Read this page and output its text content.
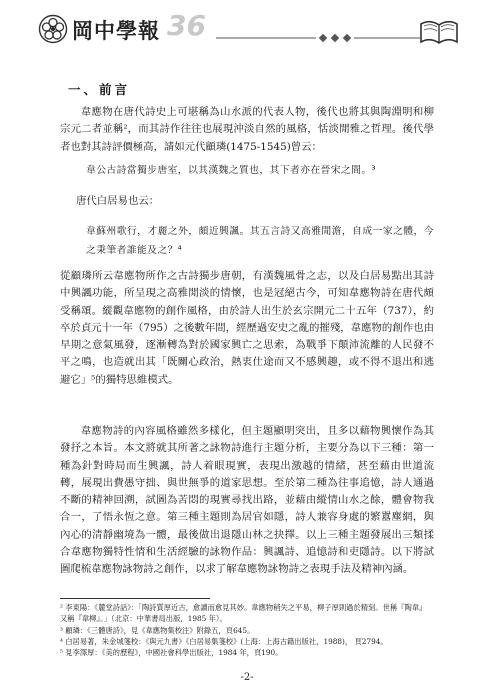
岡中學報 36
一、前言
韋應物在唐代詩史上可堪稱為山水派的代表人物，後代也將其與陶淵明和柳宗元二者並稱²，而其詩作往往也展現沖淡自然的風格，恬淡閒雅之哲理。後代學者也對其詩評價極高，請如元代顧璘(1475-1545)曾云：
韋公古詩當獨步唐室，以其漢魏之質也，其下者亦在晉宋之間。³
唐代白居易也云：
韋蘇州歌行，才麗之外，頗近興諷。其五言詩又高雅閒澹，自成一家之體，今之秉筆者誰能及之？⁴
從顧璘所云韋應物所作之古詩獨步唐朝，有漢魏風骨之志，以及白居易點出其詩中興諷功能，所呈現之高雅閒淡的情懷，也是冠絕古今，可知韋應物詩在唐代頗受稱頌。縱觀韋應物的創作風格，由於詩人出生於玄宗開元二十五年（737），約卒於貞元十一年（795）之後數年間，經歷過安史之亂的摧殘，韋應物的創作也由早期之意氣風發，逐漸轉為對於國家興亡之思索，為戰爭下顛沛流離的人民發不平之鳴，也造就出其「既關心政治，熱衷仕途而又不感興趣，或不得不退出和逃避它」⁵的獨特思維模式。
韋應物詩的內容風格雖然多樣化，但主題顯明突出，且多以藉物興懷作為其發抒之本旨。本文將就其所著之詠物詩進行主題分析，主要分為以下三種：第一種為針對時局而生興諷，詩人着眼現實，表現出激越的情緒，甚至藉由世道流轉，展現出費愚守拙、與世無爭的道家思想。至於第二種為往事追憶，詩人通過不斷的精神回溯，試圖為苦悶的現實尋找出路，並藉由縱情山水之餘，體會物我合一，了悟永恆之意。第三種主題則為居官如隱，詩人兼容身處的繁囂塵網，與內心的清靜幽境為一體，最後做出退隱山林之抉擇。以上三種主題發展出三類揉合韋應物獨特性情和生活經驗的詠物作品：興諷詩、追憶詩和吏隱詩。以下將試圖爬梳韋應物詠物詩之創作，以求了解韋應物詠物詩之表現手法及精神內涵。
² 李東陽：《麓堂詩話》：「陶詩質厚近古，愈讀而愈見其妙。韋應物稍失之平易，柳子厚則過於精刻。世稱『陶韋』又稱『韋柳』。」（北京：中華書局出版，1985 年）。
³ 顧璘：《三體唐詩》，見《韋應物集校注》附錄五，頁645。
⁴ 白居易著，朱金城箋校：《與元九書》《白居易集箋校》(上海：上海古籍出版社，1988)， 頁2794。
⁵ 見李澤厚：《美的歷程》，中國社會科學出版社，1984 年，頁190。
-2-
